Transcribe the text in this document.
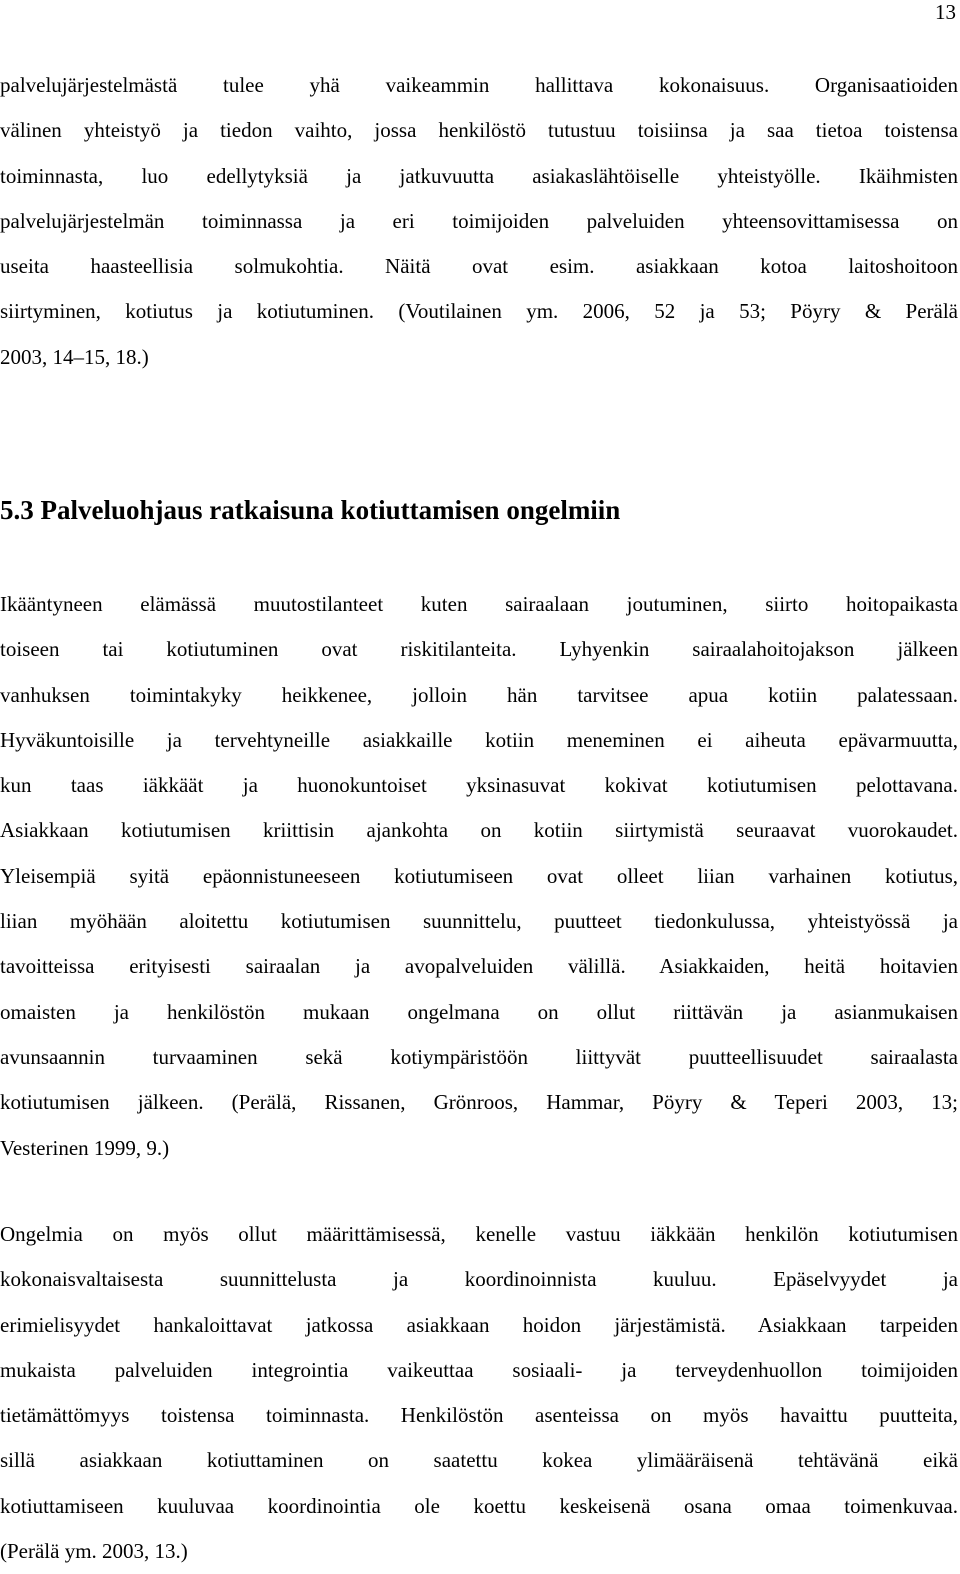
13
palvelujärjestelmästä tulee yhä vaikeammin hallittava kokonaisuus. Organisaatioiden
välinen yhteistyö ja tiedon vaihto, jossa henkilöstö tutustuu toisiinsa ja saa tietoa toistensa
toiminnasta, luo edellytyksiä ja jatkuvuutta asiakaslähtöiselle yhteistyölle. Ikäihmisten
palvelujärjestelmän toiminnassa ja eri toimijoiden palveluiden yhteensovittamisessa on
useita haasteellisia solmukohtia. Näitä ovat esim. asiakkaan kotoa laitoshoitoon
siirtyminen, kotiutus ja kotiutuminen. (Voutilainen ym. 2006, 52 ja 53; Pöyry & Perälä
2003, 14–15, 18.)
5.3 Palveluohjaus ratkaisuna kotiuttamisen ongelmiin
Ikääntyneen elämässä muutostilanteet kuten sairaalaan joutuminen, siirto hoitopaikasta
toiseen tai kotiutuminen ovat riskitilanteita. Lyhyenkin sairaalahoitojakson jälkeen
vanhuksen toimintakyky heikkenee, jolloin hän tarvitsee apua kotiin palatessaan.
Hyväkuntoisille ja tervehtyneille asiakkaille kotiin meneminen ei aiheuta epävarmuutta,
kun taas iäkkäät ja huonokuntoiset yksinasuvat kokivat kotiutumisen pelottavana.
Asiakkaan kotiutumisen kriittisin ajankohta on kotiin siirtymistä seuraavat vuorokaudet.
Yleisempiä syitä epäonnistuneeseen kotiutumiseen ovat olleet liian varhainen kotiutus,
liian myöhään aloitettu kotiutumisen suunnittelu, puutteet tiedonkulussa, yhteistyössä ja
tavoitteissa erityisesti sairaalan ja avopalveluiden välillä. Asiakkaiden, heitä hoitavien
omaisten ja henkilöstön mukaan ongelmana on ollut riittävän ja asianmukaisen
avunsaannin turvaaminen sekä kotiympäristöön liittyvät puutteellisuudet sairaalasta
kotiutumisen jälkeen. (Perälä, Rissanen, Grönroos, Hammar, Pöyry & Teperi 2003, 13;
Vesterinen 1999, 9.)
Ongelmia on myös ollut määrittämisessä, kenelle vastuu iäkkään henkilön kotiutumisen
kokonaisvaltaisesta suunnittelusta ja koordinoinnista kuuluu. Epäselvyydet ja
erimielisyydet hankaloittavat jatkossa asiakkaan hoidon järjestämistä. Asiakkaan tarpeiden
mukaista palveluiden integrointia vaikeuttaa sosiaali- ja terveydenhuollon toimijoiden
tietämättömyys toistensa toiminnasta. Henkilöstön asenteissa on myös havaittu puutteita,
sillä asiakkaan kotiuttaminen on saatettu kokea ylimääräisenä tehtävänä eikä
kotiuttamiseen kuuluvaa koordinointia ole koettu keskeisenä osana omaa toimenkuvaa.
(Perälä ym. 2003, 13.)
